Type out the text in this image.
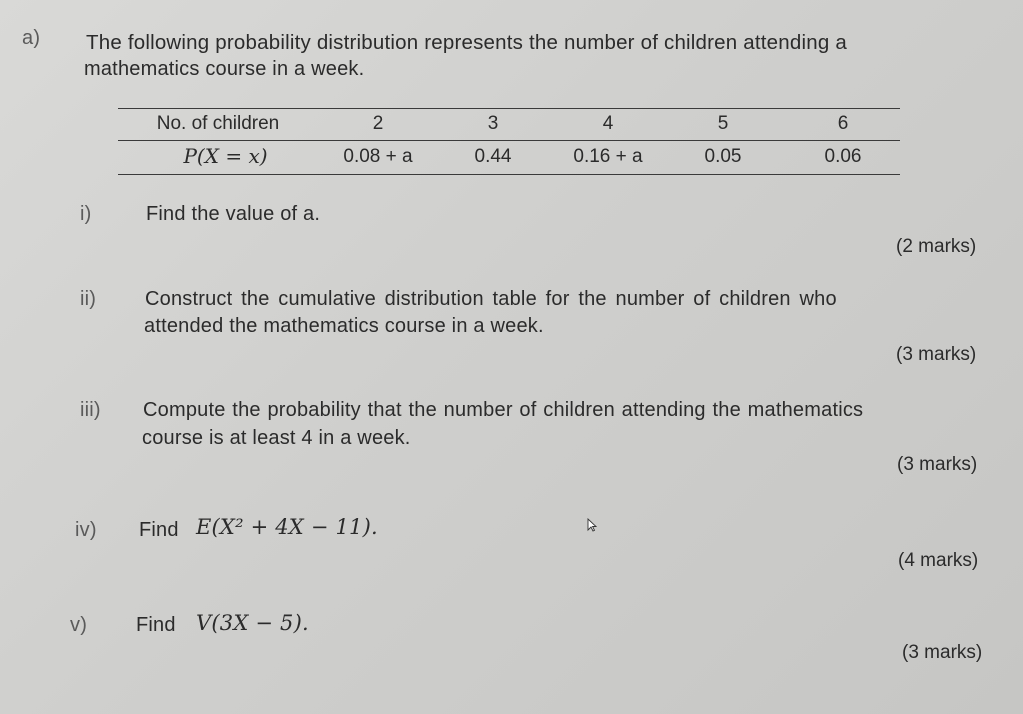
a) The following probability distribution represents the number of children attending a
mathematics course in a week.
No. of children	2	3	4	5	6
P(X = x)	0.08 + a	0.44	0.16 + a	0.05	0.06
i)	Find the value of a.
(2 marks)
ii) Construct the cumulative distribution table for the number of children who
attended the mathematics course in a week.
(3 marks)
iii) Compute the probability that the number of children attending the mathematics
course is at least 4 in a week.
(3 marks)
iv) Find E(X² + 4X − 11).
(4 marks)
v) Find V(3X − 5).
(3 marks)
